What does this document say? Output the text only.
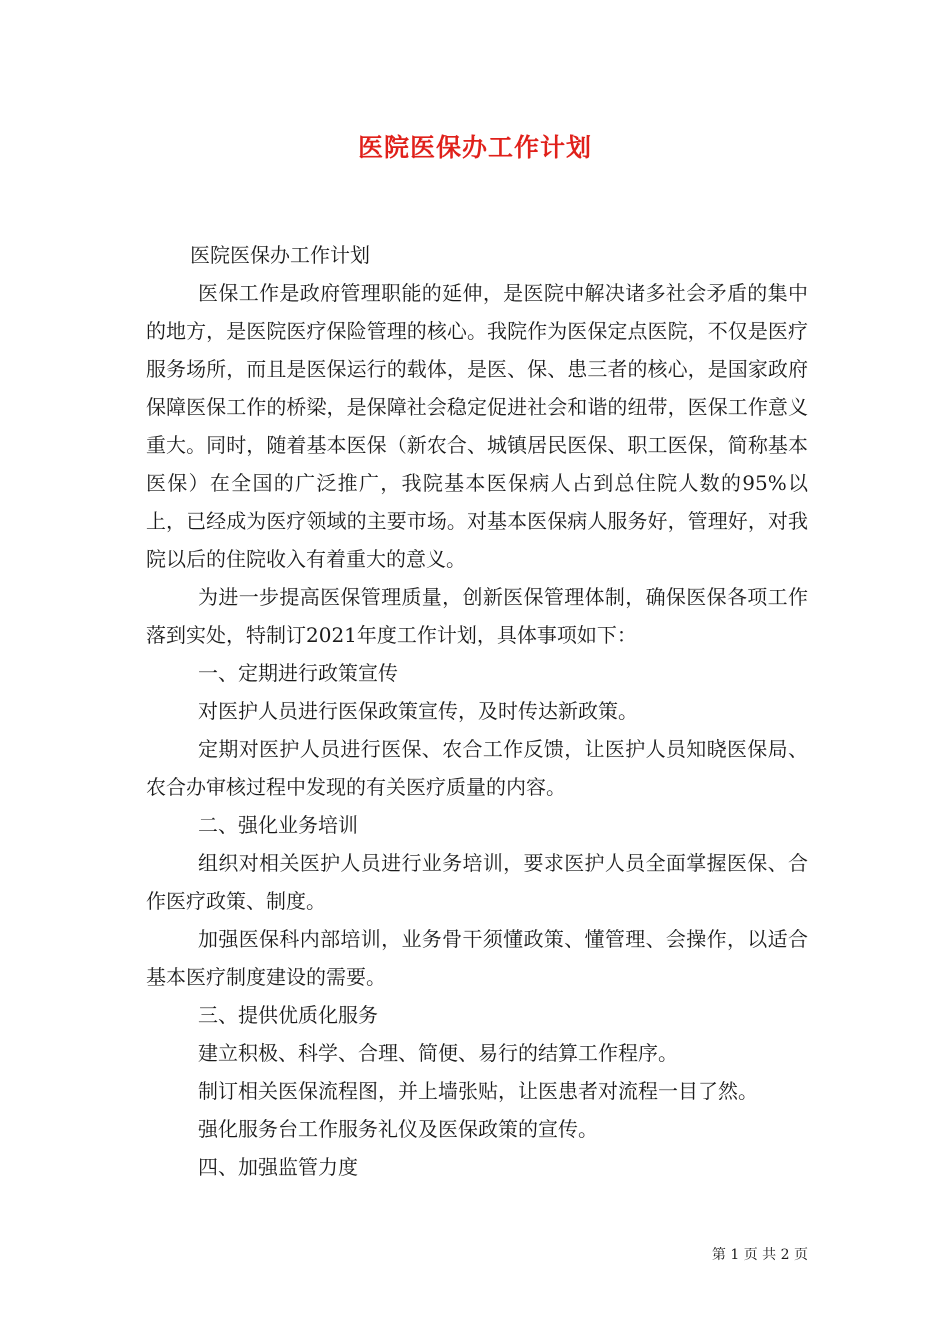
医院医保办工作计划

医院医保办工作计划

医保工作是政府管理职能的延伸，是医院中解决诸多社会矛盾的集中的地方，是医院医疗保险管理的核心。我院作为医保定点医院，不仅是医疗服务场所，而且是医保运行的载体，是医、保、患三者的核心，是国家政府保障医保工作的桥梁，是保障社会稳定促进社会和谐的纽带，医保工作意义重大。同时，随着基本医保（新农合、城镇居民医保、职工医保，简称基本医保）在全国的广泛推广，我院基本医保病人占到总住院人数的95%以上，已经成为医疗领域的主要市场。对基本医保病人服务好，管理好，对我院以后的住院收入有着重大的意义。

为进一步提高医保管理质量，创新医保管理体制，确保医保各项工作落到实处，特制订2021年度工作计划，具体事项如下：

一、定期进行政策宣传

对医护人员进行医保政策宣传，及时传达新政策。

定期对医护人员进行医保、农合工作反馈，让医护人员知晓医保局、农合办审核过程中发现的有关医疗质量的内容。

二、强化业务培训

组织对相关医护人员进行业务培训，要求医护人员全面掌握医保、合作医疗政策、制度。

加强医保科内部培训，业务骨干须懂政策、懂管理、会操作，以适合基本医疗制度建设的需要。

三、提供优质化服务

建立积极、科学、合理、简便、易行的结算工作程序。

制订相关医保流程图，并上墙张贴，让医患者对流程一目了然。

强化服务台工作服务礼仪及医保政策的宣传。

四、加强监管力度

第 1 页 共 2 页
